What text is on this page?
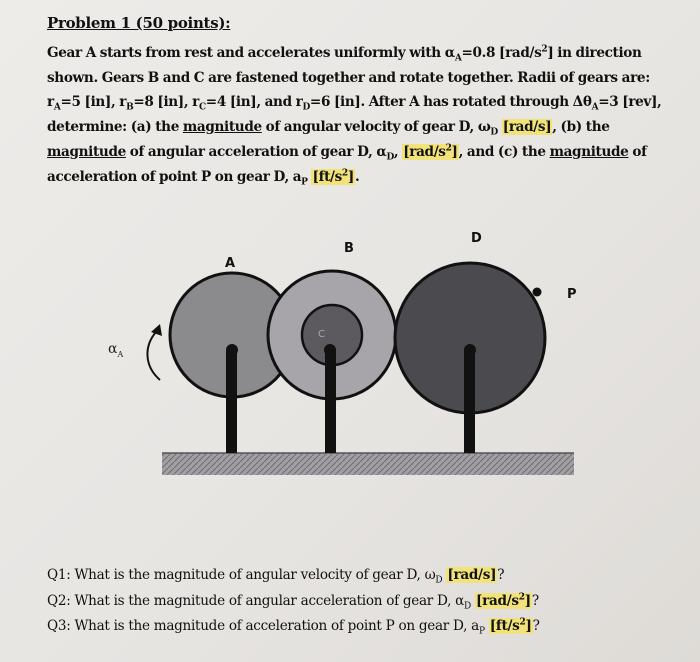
Problem 1 (50 points):
Gear A starts from rest and accelerates uniformly with $\alpha_A=0.8$ $[rad/s^2]$ in direction shown. Gears B and C are fastened together and rotate together. Radii of gears are: $r_A=5$ [in], $r_B=8$ [in], $r_C=4$ [in], and $r_D=6$ [in]. After A has rotated through $\Delta\theta_A=3$ [rev], determine: (a) the magnitude of angular velocity of gear D, $\omega_D$ [rad/s], (b) the magnitude of angular acceleration of gear D, $\alpha_D$, $[rad/s^2]$, and (c) the magnitude of acceleration of point P on gear D, $a_P$ $[ft/s^2]$.
A
B
C
D
P
$\alpha_A$
Q1: What is the magnitude of angular velocity of gear D, $\omega_D$ [rad/s]?
Q2: What is the magnitude of angular acceleration of gear D, $\alpha_D$ $[rad/s^2]$?
Q3: What is the magnitude of acceleration of point P on gear D, $a_P$ $[ft/s^2]$?
